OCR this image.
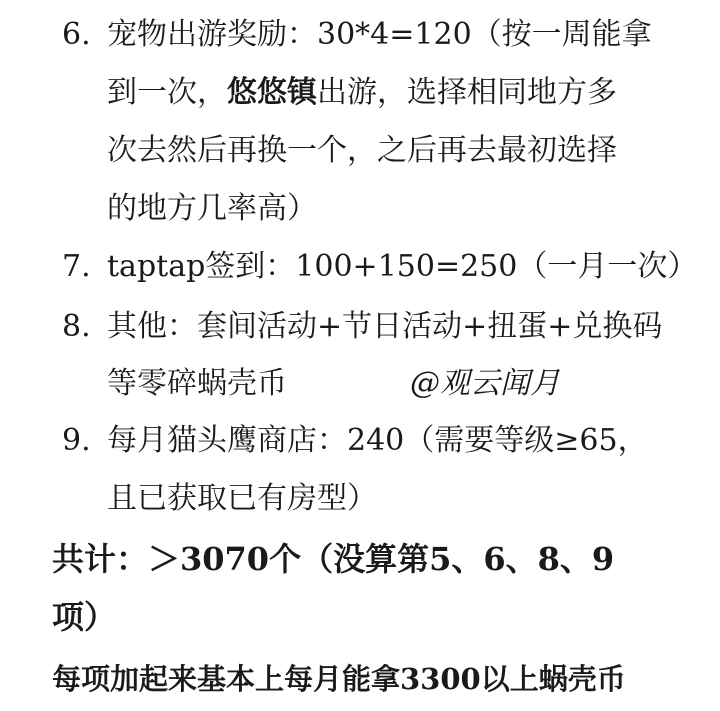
6. 宠物出游奖励：30*4=120（按一周能拿
到一次，悠悠镇出游，选择相同地方多
次去然后再换一个，之后再去最初选择
的地方几率高）
7. taptap签到：100+150=250（一月一次）
8. 其他：套间活动+节日活动+扭蛋+兑换码
等零碎蜗壳币	@观云闻月
9. 每月猫头鹰商店：240（需要等级≥65，
且已获取已有房型）
共计：＞3070个（没算第5、6、8、9
项）
每项加起来基本上每月能拿3300以上蜗壳币
